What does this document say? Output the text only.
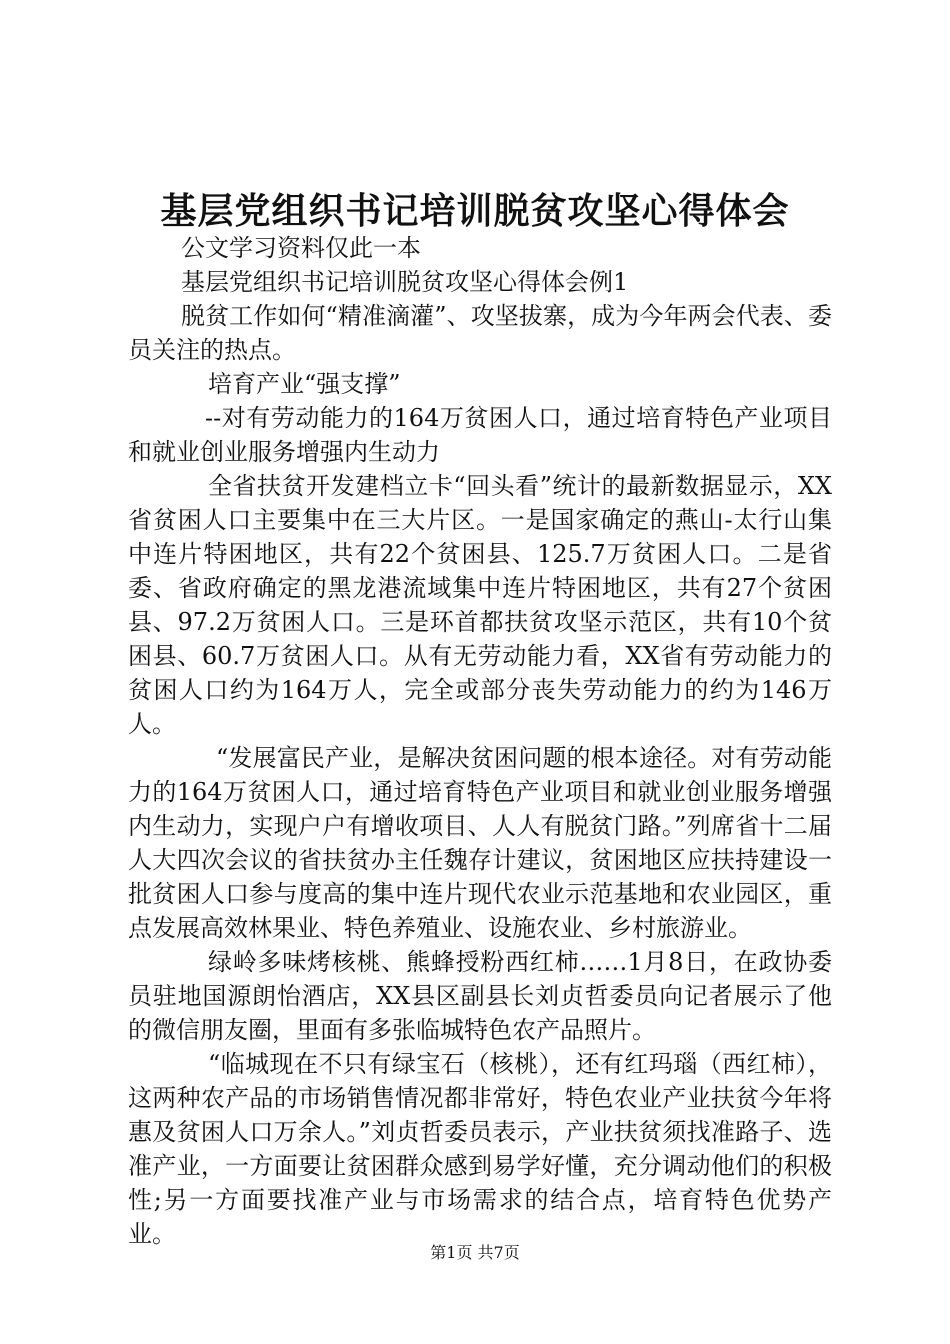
基层党组织书记培训脱贫攻坚心得体会

公文学习资料仅此一本

基层党组织书记培训脱贫攻坚心得体会例1

脱贫工作如何“精准滴灌”、攻坚拔寨，成为今年两会代表、委员关注的热点。

培育产业“强支撑”

--对有劳动能力的164万贫困人口，通过培育特色产业项目和就业创业服务增强内生动力

全省扶贫开发建档立卡“回头看”统计的最新数据显示，XX省贫困人口主要集中在三大片区。一是国家确定的燕山-太行山集中连片特困地区，共有22个贫困县、125.7万贫困人口。二是省委、省政府确定的黑龙港流域集中连片特困地区，共有27个贫困县、97.2万贫困人口。三是环首都扶贫攻坚示范区，共有10个贫困县、60.7万贫困人口。从有无劳动能力看，XX省有劳动能力的贫困人口约为164万人，完全或部分丧失劳动能力的约为146万人。

“发展富民产业，是解决贫困问题的根本途径。对有劳动能力的164万贫困人口，通过培育特色产业项目和就业创业服务增强内生动力，实现户户有增收项目、人人有脱贫门路。”列席省十二届人大四次会议的省扶贫办主任魏存计建议，贫困地区应扶持建设一批贫困人口参与度高的集中连片现代农业示范基地和农业园区，重点发展高效林果业、特色养殖业、设施农业、乡村旅游业。

绿岭多味烤核桃、熊蜂授粉西红柿……1月8日，在政协委员驻地国源朗怡酒店，XX县区副县长刘贞哲委员向记者展示了他的微信朋友圈，里面有多张临城特色农产品照片。

“临城现在不只有绿宝石（核桃），还有红玛瑙（西红柿），这两种农产品的市场销售情况都非常好，特色农业产业扶贫今年将惠及贫困人口万余人。”刘贞哲委员表示，产业扶贫须找准路子、选准产业，一方面要让贫困群众感到易学好懂，充分调动他们的积极性;另一方面要找准产业与市场需求的结合点，培育特色优势产业。

第1页 共7页
